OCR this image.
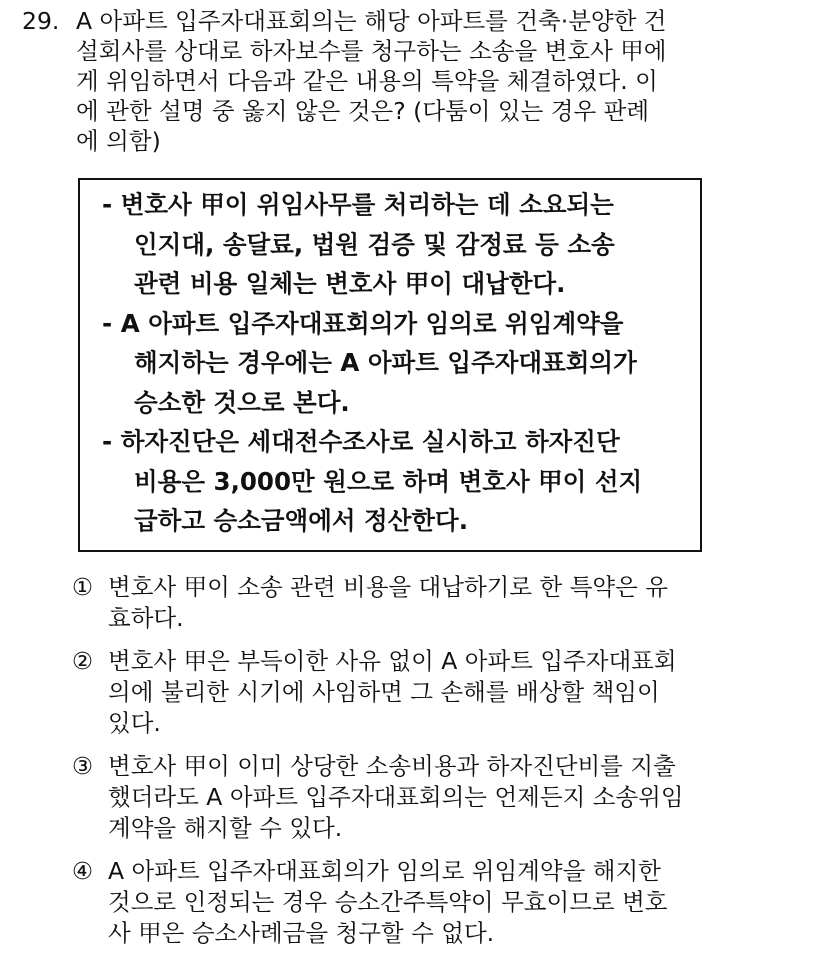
29. A 아파트 입주자대표회의는 해당 아파트를 건축·분양한 건
설회사를 상대로 하자보수를 청구하는 소송을 변호사 甲에
게 위임하면서 다음과 같은 내용의 특약을 체결하였다. 이
에 관한 설명 중 옳지 않은 것은? (다툼이 있는 경우 판례
에 의함)
- 변호사 甲이 위임사무를 처리하는 데 소요되는
인지대, 송달료, 법원 검증 및 감정료 등 소송
관련 비용 일체는 변호사 甲이 대납한다.
- A 아파트 입주자대표회의가 임의로 위임계약을
해지하는 경우에는 A 아파트 입주자대표회의가
승소한 것으로 본다.
- 하자진단은 세대전수조사로 실시하고 하자진단
비용은 3,000만 원으로 하며 변호사 甲이 선지
급하고 승소금액에서 정산한다.
① 변호사 甲이 소송 관련 비용을 대납하기로 한 특약은 유
효하다.
② 변호사 甲은 부득이한 사유 없이 A 아파트 입주자대표회
의에 불리한 시기에 사임하면 그 손해를 배상할 책임이
있다.
③ 변호사 甲이 이미 상당한 소송비용과 하자진단비를 지출
했더라도 A 아파트 입주자대표회의는 언제든지 소송위임
계약을 해지할 수 있다.
④ A 아파트 입주자대표회의가 임의로 위임계약을 해지한
것으로 인정되는 경우 승소간주특약이 무효이므로 변호
사 甲은 승소사례금을 청구할 수 없다.
